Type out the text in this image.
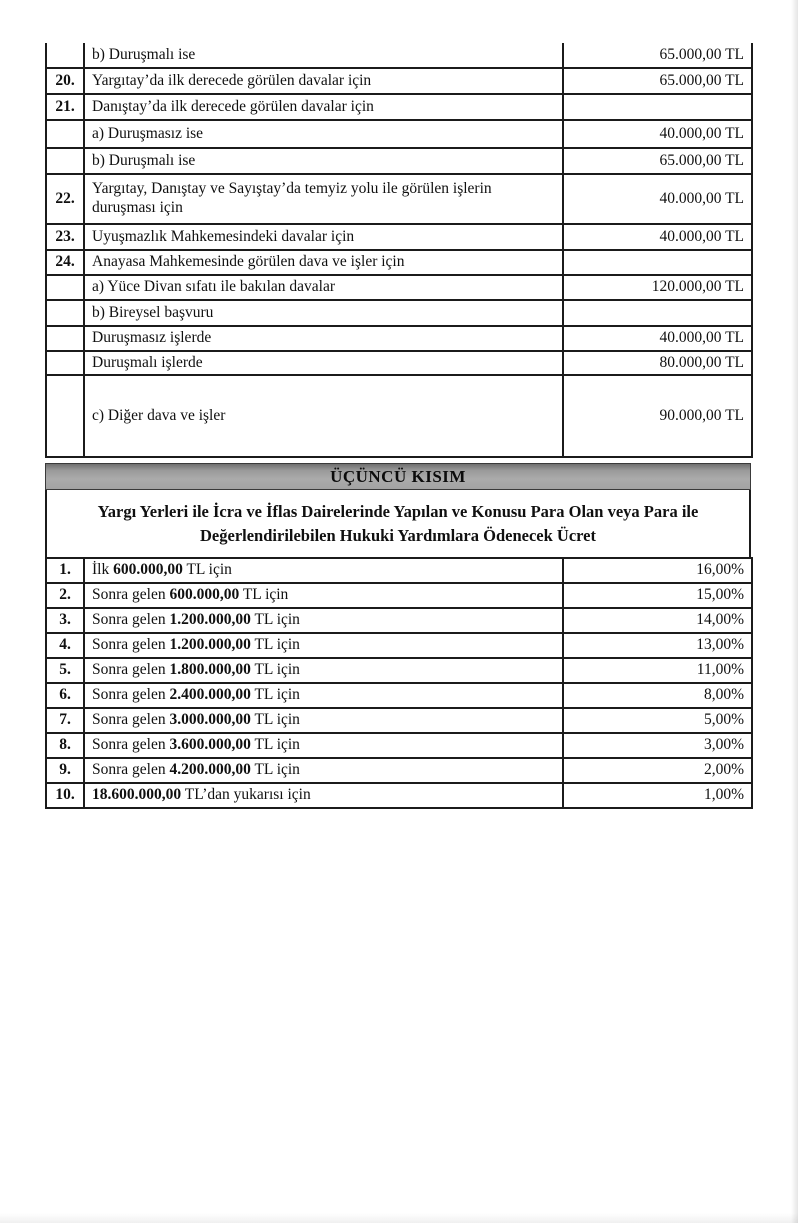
	b) Duruşmalı ise	65.000,00 TL
20.	Yargıtay’da ilk derecede görülen davalar için	65.000,00 TL
21.	Danıştay’da ilk derecede görülen davalar için	
	a) Duruşmasız ise	40.000,00 TL
	b) Duruşmalı ise	65.000,00 TL
22.	Yargıtay, Danıştay ve Sayıştay’da temyiz yolu ile görülen işlerin duruşması için	40.000,00 TL
23.	Uyuşmazlık Mahkemesindeki davalar için	40.000,00 TL
24.	Anayasa Mahkemesinde görülen dava ve işler için	
	a) Yüce Divan sıfatı ile bakılan davalar	120.000,00 TL
	b) Bireysel başvuru	
	Duruşmasız işlerde	40.000,00 TL
	Duruşmalı işlerde	80.000,00 TL
	c) Diğer dava ve işler	90.000,00 TL
ÜÇÜNCÜ KISIM
Yargı Yerleri ile İcra ve İflas Dairelerinde Yapılan ve Konusu Para Olan veya Para ile Değerlendirilebilen Hukuki Yardımlara Ödenecek Ücret
1.	İlk 600.000,00 TL için	16,00%
2.	Sonra gelen 600.000,00 TL için	15,00%
3.	Sonra gelen 1.200.000,00 TL için	14,00%
4.	Sonra gelen 1.200.000,00 TL için	13,00%
5.	Sonra gelen 1.800.000,00 TL için	11,00%
6.	Sonra gelen 2.400.000,00 TL için	8,00%
7.	Sonra gelen 3.000.000,00 TL için	5,00%
8.	Sonra gelen 3.600.000,00 TL için	3,00%
9.	Sonra gelen 4.200.000,00 TL için	2,00%
10.	18.600.000,00 TL’dan yukarısı için	1,00%
